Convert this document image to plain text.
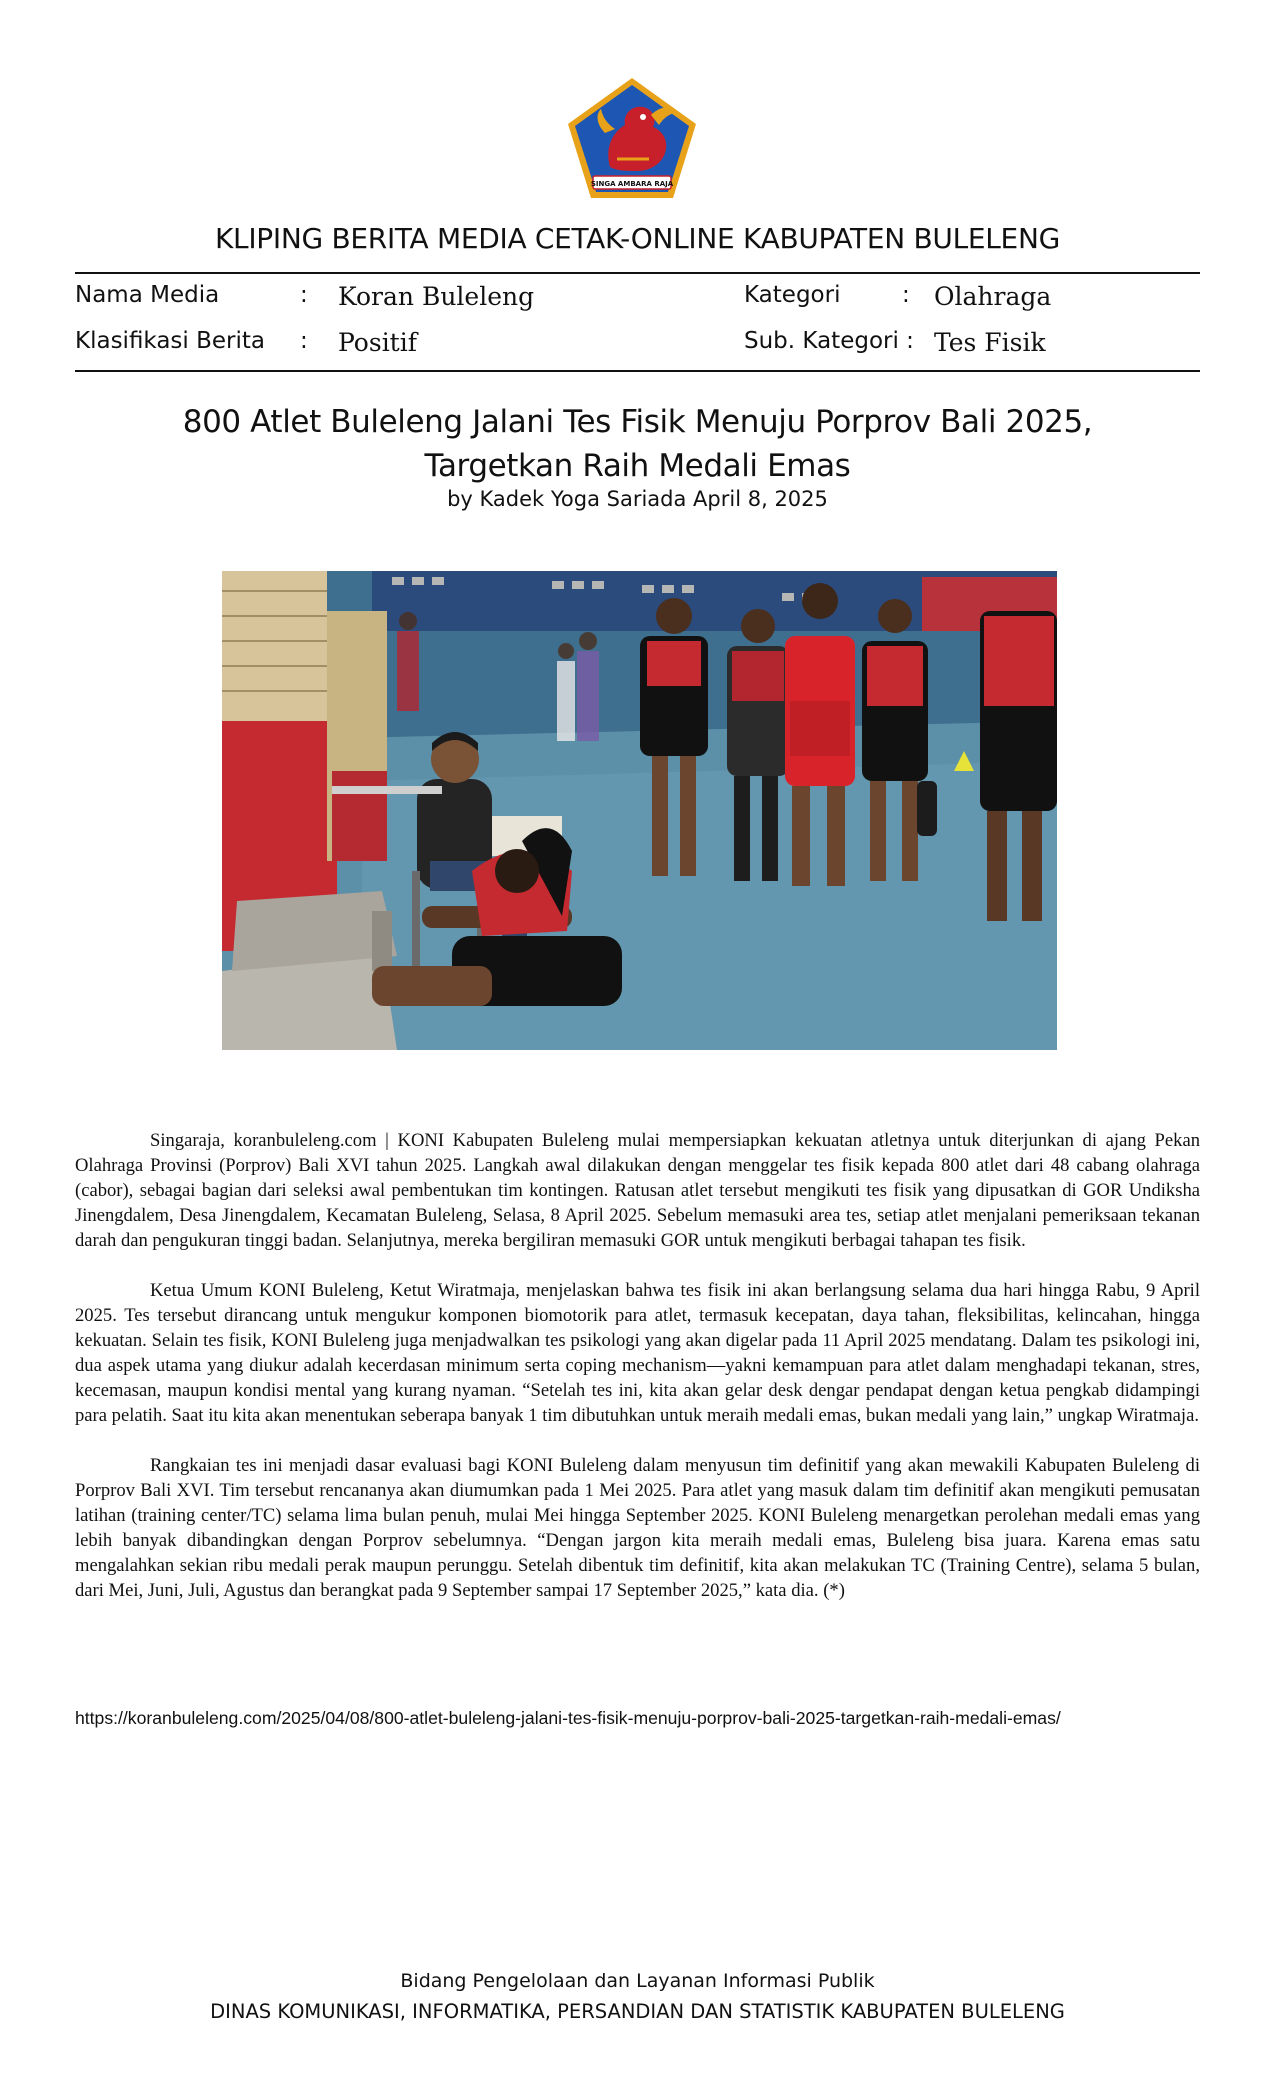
SINGA AMBARA RAJA
KLIPING BERITA MEDIA CETAK-ONLINE KABUPATEN BULELENG
Nama Media	: Koran Buleleng	Kategori	: Olahraga
Klasifikasi Berita : Positif	Sub. Kategori : Tes Fisik
800 Atlet Buleleng Jalani Tes Fisik Menuju Porprov Bali 2025,
Targetkan Raih Medali Emas
by Kadek Yoga Sariada April 8, 2025

Singaraja, koranbuleleng.com | KONI Kabupaten Buleleng mulai mempersiapkan kekuatan atletnya untuk diterjunkan di ajang Pekan Olahraga Provinsi (Porprov) Bali XVI tahun 2025. Langkah awal dilakukan dengan menggelar tes fisik kepada 800 atlet dari 48 cabang olahraga (cabor), sebagai bagian dari seleksi awal pembentukan tim kontingen. Ratusan atlet tersebut mengikuti tes fisik yang dipusatkan di GOR Undiksha Jinengdalem, Desa Jinengdalem, Kecamatan Buleleng, Selasa, 8 April 2025. Sebelum memasuki area tes, setiap atlet menjalani pemeriksaan tekanan darah dan pengukuran tinggi badan. Selanjutnya, mereka bergiliran memasuki GOR untuk mengikuti berbagai tahapan tes fisik.

Ketua Umum KONI Buleleng, Ketut Wiratmaja, menjelaskan bahwa tes fisik ini akan berlangsung selama dua hari hingga Rabu, 9 April 2025. Tes tersebut dirancang untuk mengukur komponen biomotorik para atlet, termasuk kecepatan, daya tahan, fleksibilitas, kelincahan, hingga kekuatan. Selain tes fisik, KONI Buleleng juga menjadwalkan tes psikologi yang akan digelar pada 11 April 2025 mendatang. Dalam tes psikologi ini, dua aspek utama yang diukur adalah kecerdasan minimum serta coping mechanism—yakni kemampuan para atlet dalam menghadapi tekanan, stres, kecemasan, maupun kondisi mental yang kurang nyaman. “Setelah tes ini, kita akan gelar desk dengar pendapat dengan ketua pengkab didampingi para pelatih. Saat itu kita akan menentukan seberapa banyak 1 tim dibutuhkan untuk meraih medali emas, bukan medali yang lain,” ungkap Wiratmaja.

Rangkaian tes ini menjadi dasar evaluasi bagi KONI Buleleng dalam menyusun tim definitif yang akan mewakili Kabupaten Buleleng di Porprov Bali XVI. Tim tersebut rencananya akan diumumkan pada 1 Mei 2025. Para atlet yang masuk dalam tim definitif akan mengikuti pemusatan latihan (training center/TC) selama lima bulan penuh, mulai Mei hingga September 2025. KONI Buleleng menargetkan perolehan medali emas yang lebih banyak dibandingkan dengan Porprov sebelumnya. “Dengan jargon kita meraih medali emas, Buleleng bisa juara. Karena emas satu mengalahkan sekian ribu medali perak maupun perunggu. Setelah dibentuk tim definitif, kita akan melakukan TC (Training Centre), selama 5 bulan, dari Mei, Juni, Juli, Agustus dan berangkat pada 9 September sampai 17 September 2025,” kata dia. (*)

https://koranbuleleng.com/2025/04/08/800-atlet-buleleng-jalani-tes-fisik-menuju-porprov-bali-2025-targetkan-raih-medali-emas/
Bidang Pengelolaan dan Layanan Informasi Publik
DINAS KOMUNIKASI, INFORMATIKA, PERSANDIAN DAN STATISTIK KABUPATEN BULELENG
